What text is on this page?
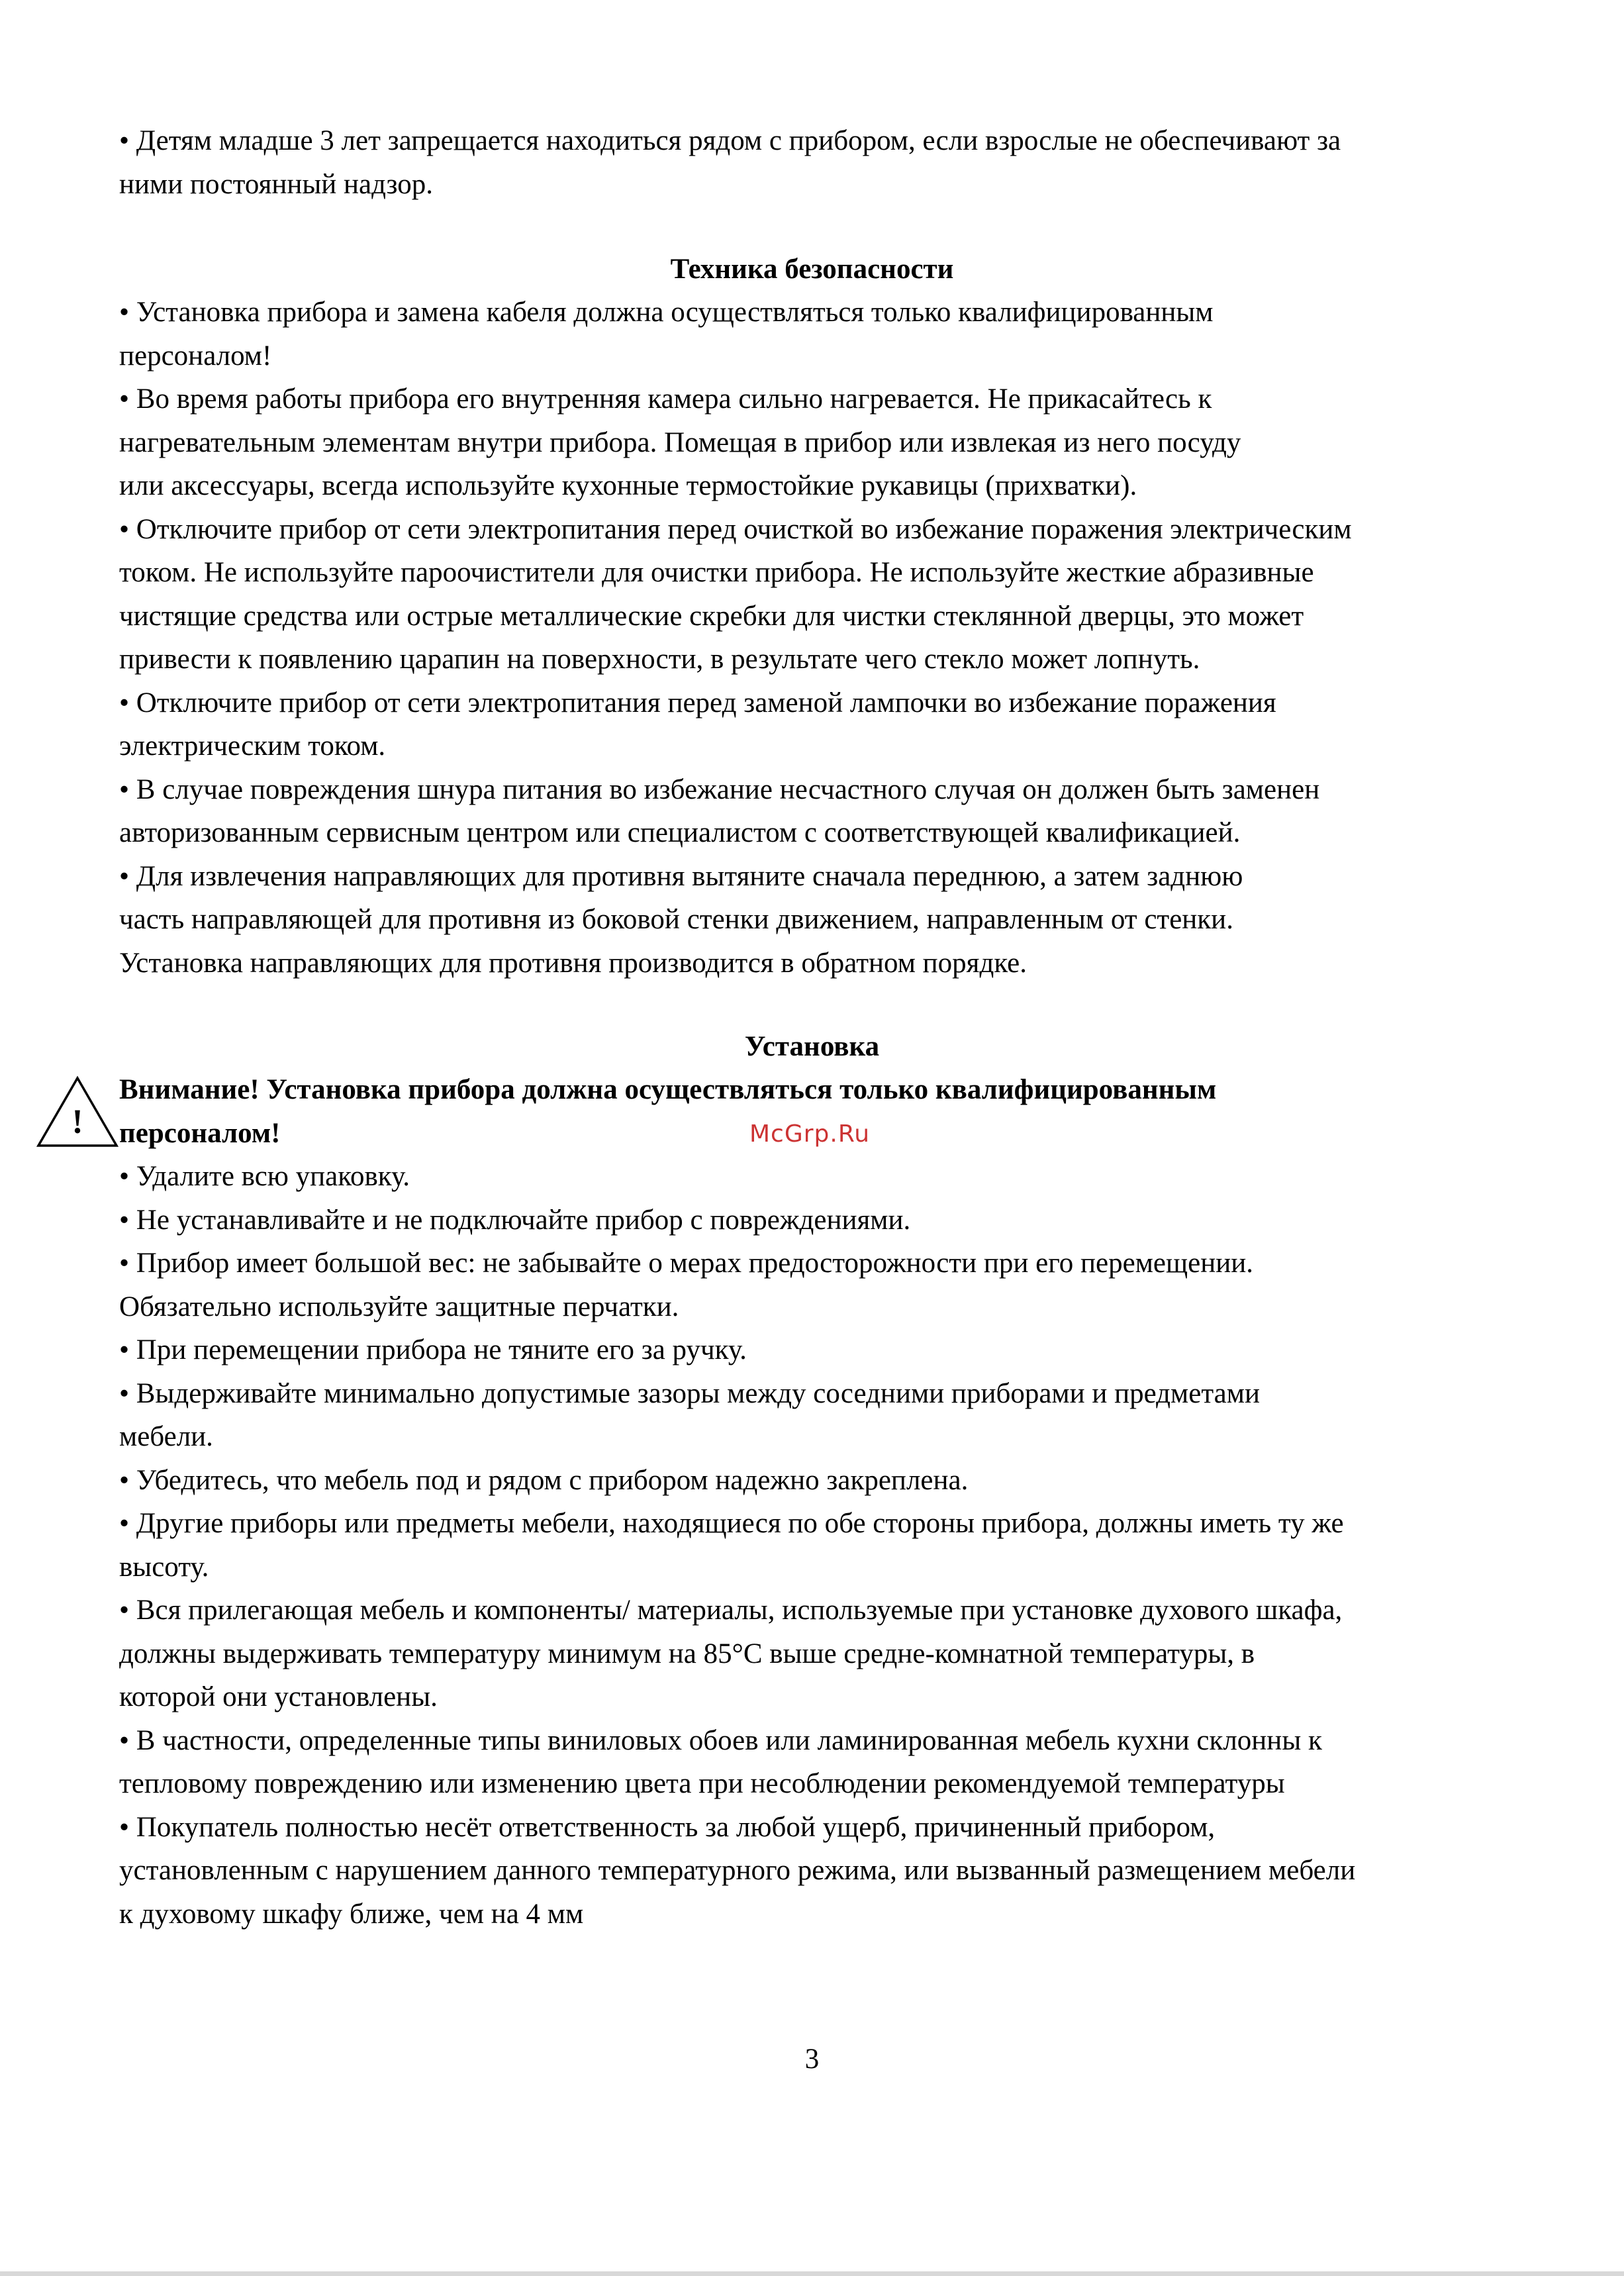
• Детям младше 3 лет запрещается находиться рядом с прибором, если взрослые не обеспечивают за
ними постоянный надзор.
Техника безопасности
• Установка прибора и замена кабеля должна осуществляться только квалифицированным
персоналом!
• Во время работы прибора его внутренняя камера сильно нагревается. Не прикасайтесь к
нагревательным элементам внутри прибора. Помещая в прибор или извлекая из него посуду
или аксессуары, всегда используйте кухонные термостойкие рукавицы (прихватки).
• Отключите прибор от сети электропитания перед очисткой во избежание поражения электрическим
током. Не используйте пароочистители для очистки прибора. Не используйте жесткие абразивные
чистящие средства или острые металлические скребки для чистки стеклянной дверцы, это может
привести к появлению царапин на поверхности, в результате чего стекло может лопнуть.
• Отключите прибор от сети электропитания перед заменой лампочки во избежание поражения
электрическим током.
• В случае повреждения шнура питания во избежание несчастного случая он должен быть заменен
авторизованным сервисным центром или специалистом с соответствующей квалификацией.
• Для извлечения направляющих для противня вытяните сначала переднюю, а затем заднюю
часть направляющей для противня из боковой стенки движением, направленным от стенки.
Установка направляющих для противня производится в обратном порядке.
Установка
!
Внимание! Установка прибора должна осуществляться только квалифицированным
персоналом!	McGrp.Ru
• Удалите всю упаковку.
• Не устанавливайте и не подключайте прибор с повреждениями.
• Прибор имеет большой вес: не забывайте о мерах предосторожности при его перемещении.
Обязательно используйте защитные перчатки.
• При перемещении прибора не тяните его за ручку.
• Выдерживайте минимально допустимые зазоры между соседними приборами и предметами
мебели.
• Убедитесь, что мебель под и рядом с прибором надежно закреплена.
• Другие приборы или предметы мебели, находящиеся по обе стороны прибора, должны иметь ту же
высоту.
• Вся прилегающая мебель и компоненты/ материалы, используемые при установке духового шкафа,
должны выдерживать температуру минимум на 85°С выше средне-комнатной температуры, в
которой они установлены.
• В частности, определенные типы виниловых обоев или ламинированная мебель кухни склонны к
тепловому повреждению или изменению цвета при несоблюдении рекомендуемой температуры
• Покупатель полностью несёт ответственность за любой ущерб, причиненный прибором,
установленным с нарушением данного температурного режима, или вызванный размещением мебели
к духовому шкафу ближе, чем на 4 мм
3
